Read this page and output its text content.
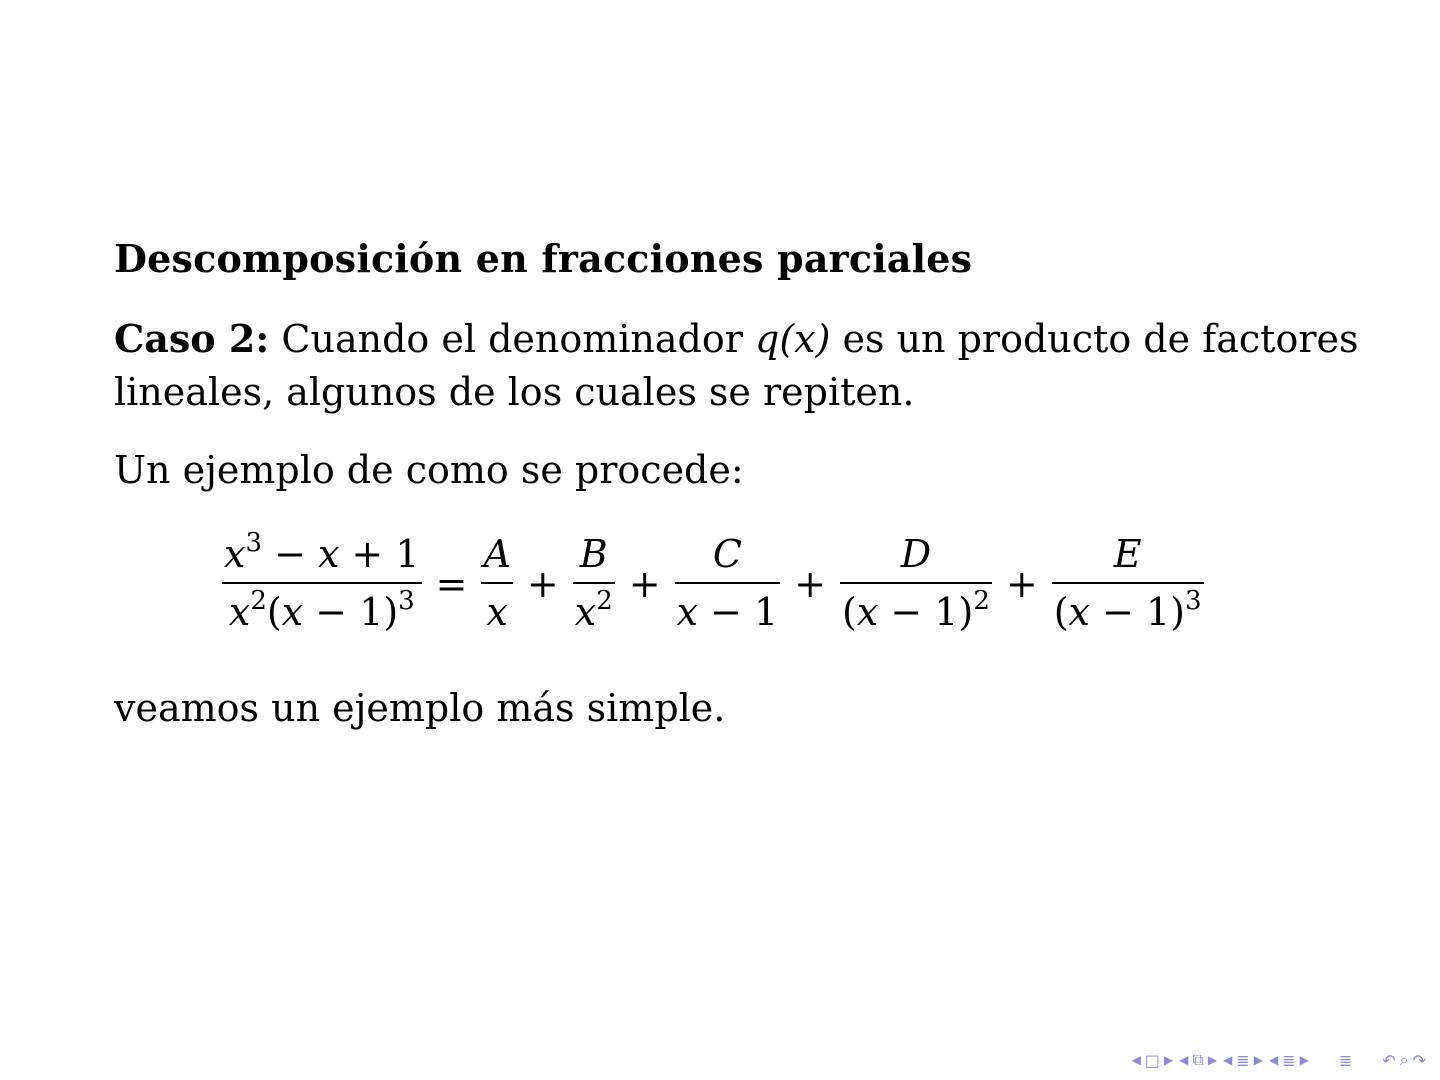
Descomposición en fracciones parciales
Caso 2: Cuando el denominador q(x) es un producto de factores
lineales, algunos de los cuales se repiten.
Un ejemplo de como se procede:
$\frac{x^3 - x + 1}{x^2(x - 1)^3} = \frac{A}{x} + \frac{B}{x^2} + \frac{C}{x - 1} + \frac{D}{(x - 1)^2} + \frac{E}{(x - 1)^3}$
veamos un ejemplo más simple.
◀ □ ▶ ◀ ⧉ ▶ ◀ ≣ ▶ ◀ ≣ ▶ ≣ ↶ ⌕ ↷
